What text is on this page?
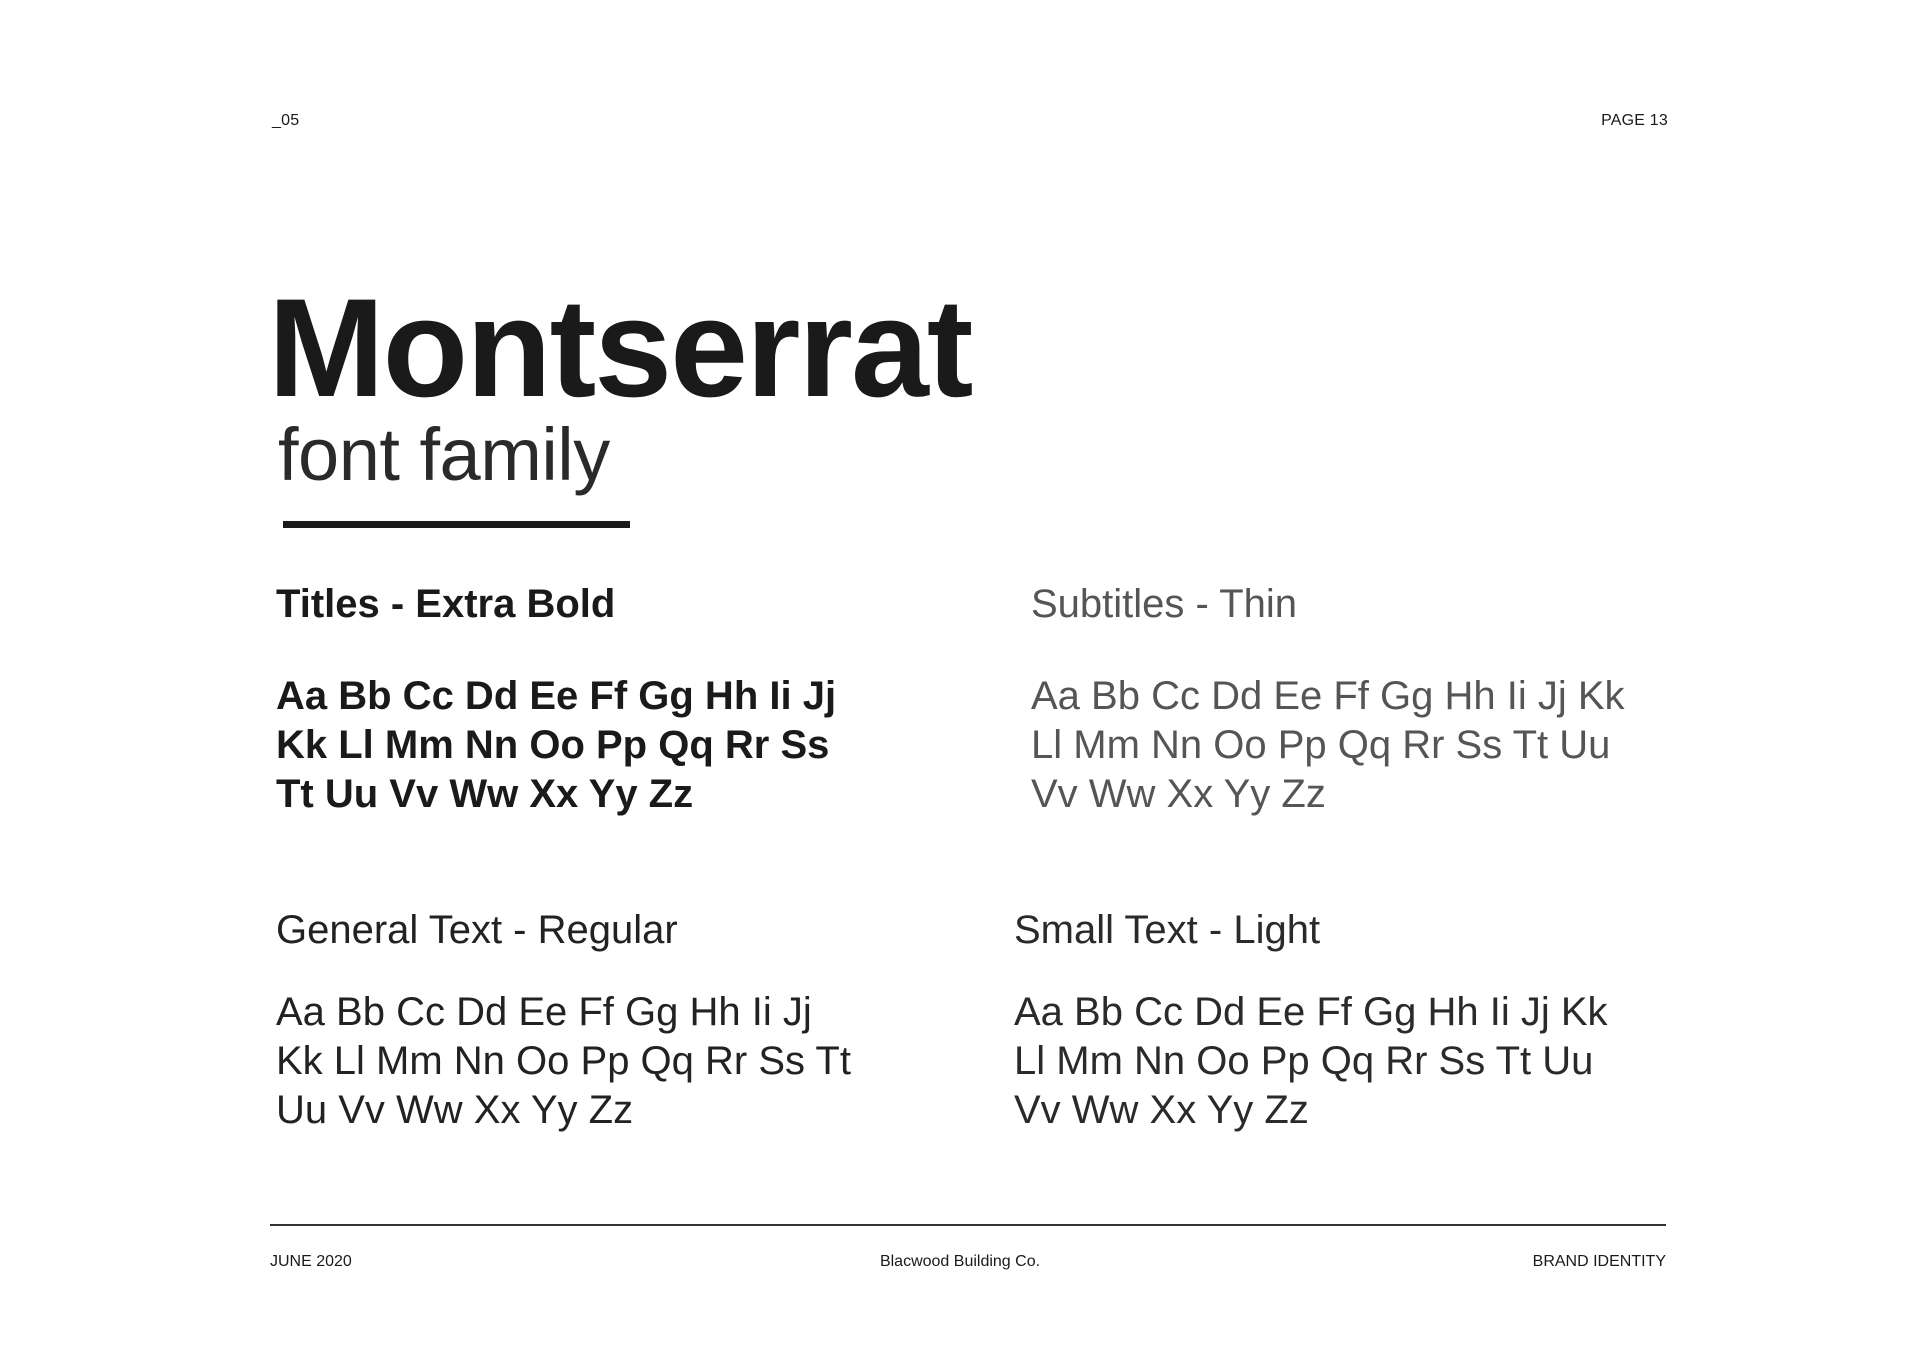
_05	PAGE 13
Montserrat
font family
Titles - Extra Bold
Aa Bb Cc Dd Ee Ff Gg Hh Ii Jj
Kk Ll Mm Nn Oo Pp Qq Rr Ss
Tt Uu Vv Ww Xx Yy Zz
Subtitles - Thin
Aa Bb Cc Dd Ee Ff Gg Hh Ii Jj Kk
Ll Mm Nn Oo Pp Qq Rr Ss Tt Uu
Vv Ww Xx Yy Zz
General Text - Regular
Aa Bb Cc Dd Ee Ff Gg Hh Ii Jj
Kk Ll Mm Nn Oo Pp Qq Rr Ss Tt
Uu Vv Ww Xx Yy Zz
Small Text - Light
Aa Bb Cc Dd Ee Ff Gg Hh Ii Jj Kk
Ll Mm Nn Oo Pp Qq Rr Ss Tt Uu
Vv Ww Xx Yy Zz
JUNE 2020	Blacwood Building Co.	BRAND IDENTITY
